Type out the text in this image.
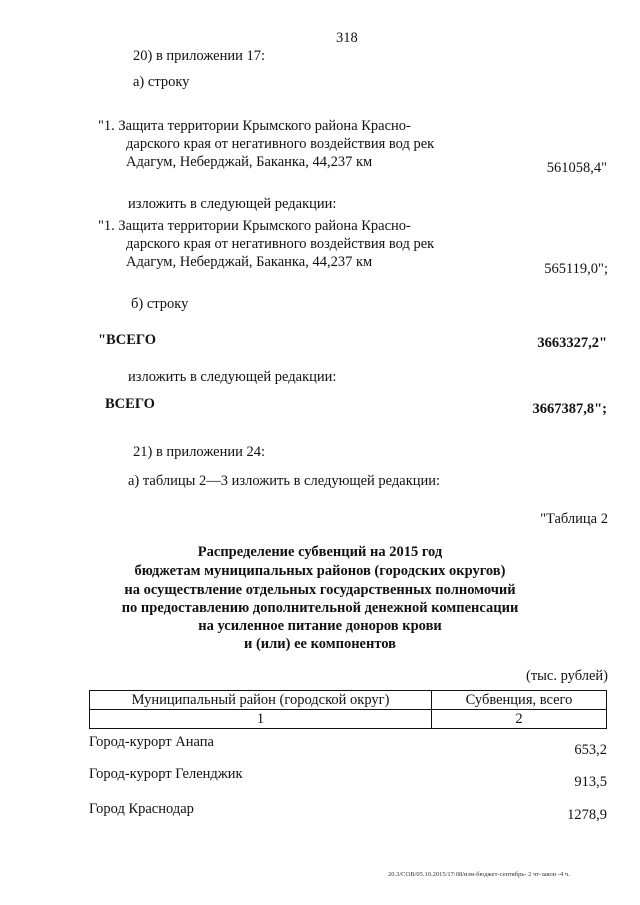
318
20) в приложении 17:
а) строку
"1. Защита территории Крымского района Красно-
дарского края от негативного воздействия вод рек
Адагум, Неберджай, Баканка, 44,237 км	561058,4"
изложить в следующей редакции:
"1. Защита территории Крымского района Красно-
дарского края от негативного воздействия вод рек
Адагум, Неберджай, Баканка, 44,237 км	565119,0";
б) строку
"ВСЕГО	3663327,2"
изложить в следующей редакции:
ВСЕГО	3667387,8";
21) в приложении 24:
а) таблицы 2—3 изложить в следующей редакции:
"Таблица 2
Распределение субвенций на 2015 год
бюджетам муниципальных районов (городских округов)
на осуществление отдельных государственных полномочий
по предоставлению дополнительной денежной компенсации
на усиленное питание доноров крови
и (или) ее компонентов
(тыс. рублей)
Муниципальный район (городской округ)	Субвенция, всего
1	2
Город-курорт Анапа	653,2
Город-курорт Геленджик	913,5
Город Краснодар	1278,9
20.3/СОВ/05.10.2015/17:08/изм-бюджет-сентябрь- 2 чт-закон -4 ч.
